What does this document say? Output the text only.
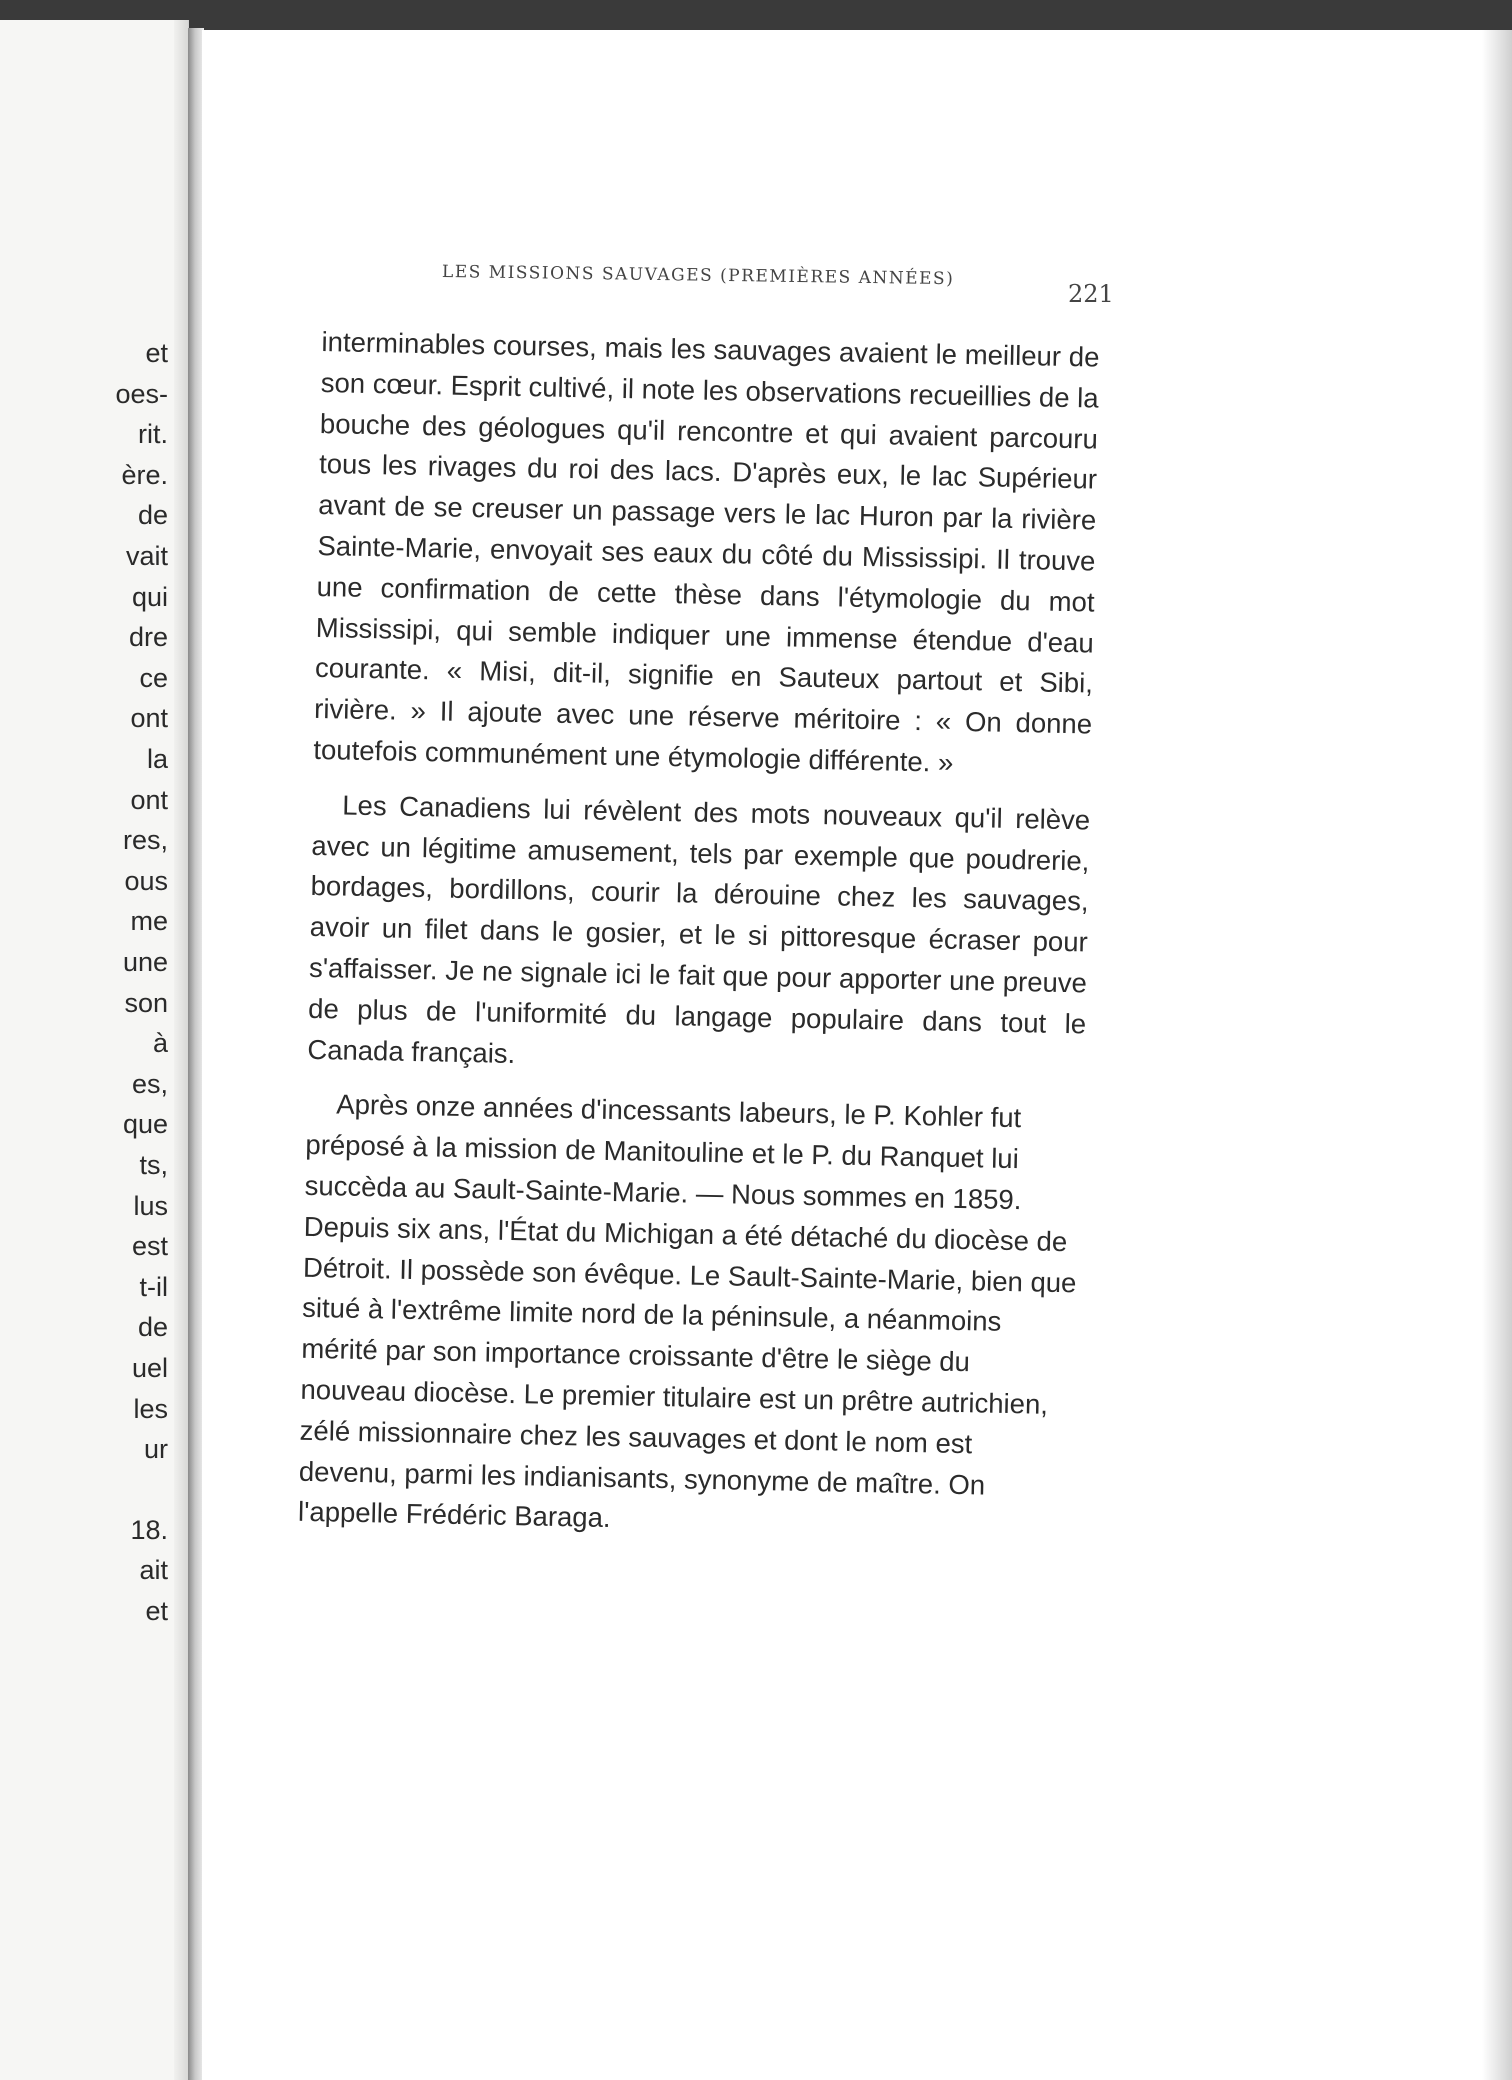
et
oes-
rit.
ère.
de
vait
qui
dre
ce
ont
la
ont
res,
ous
me
une
son
à
es,
que
ts,
lus
est
t-il
de
uel
les
ur
18.
ait
et
LES MISSIONS SAUVAGES (PREMIÈRES ANNÉES)
221

interminables courses, mais les sauvages avaient le meilleur de son cœur. Esprit cultivé, il note les observations recueillies de la bouche des géologues qu'il rencontre et qui avaient parcouru tous les rivages du roi des lacs. D'après eux, le lac Supérieur avant de se creuser un passage vers le lac Huron par la rivière Sainte-Marie, envoyait ses eaux du côté du Mississipi. Il trouve une confirmation de cette thèse dans l'étymologie du mot Mississipi, qui semble indiquer une immense étendue d'eau courante. « Misi, dit-il, signifie en Sauteux partout et Sibi, rivière. » Il ajoute avec une réserve méritoire : « On donne toutefois communément une étymologie différente. »

Les Canadiens lui révèlent des mots nouveaux qu'il relève avec un légitime amusement, tels par exemple que poudrerie, bordages, bordillons, courir la dérouine chez les sauvages, avoir un filet dans le gosier, et le si pittoresque écraser pour s'affaisser. Je ne signale ici le fait que pour apporter une preuve de plus de l'uniformité du langage populaire dans tout le Canada français.

Après onze années d'incessants labeurs, le P. Kohler fut préposé à la mission de Manitouline et le P. du Ranquet lui succèda au Sault-Sainte-Marie. — Nous sommes en 1859. Depuis six ans, l'État du Michigan a été détaché du diocèse de Détroit. Il possède son évêque. Le Sault-Sainte-Marie, bien que situé à l'extrême limite nord de la péninsule, a néanmoins mérité par son importance croissante d'être le siège du nouveau diocèse. Le premier titulaire est un prêtre autrichien, zélé missionnaire chez les sauvages et dont le nom est devenu, parmi les indianisants, synonyme de maître. On l'appelle Frédéric Baraga.
